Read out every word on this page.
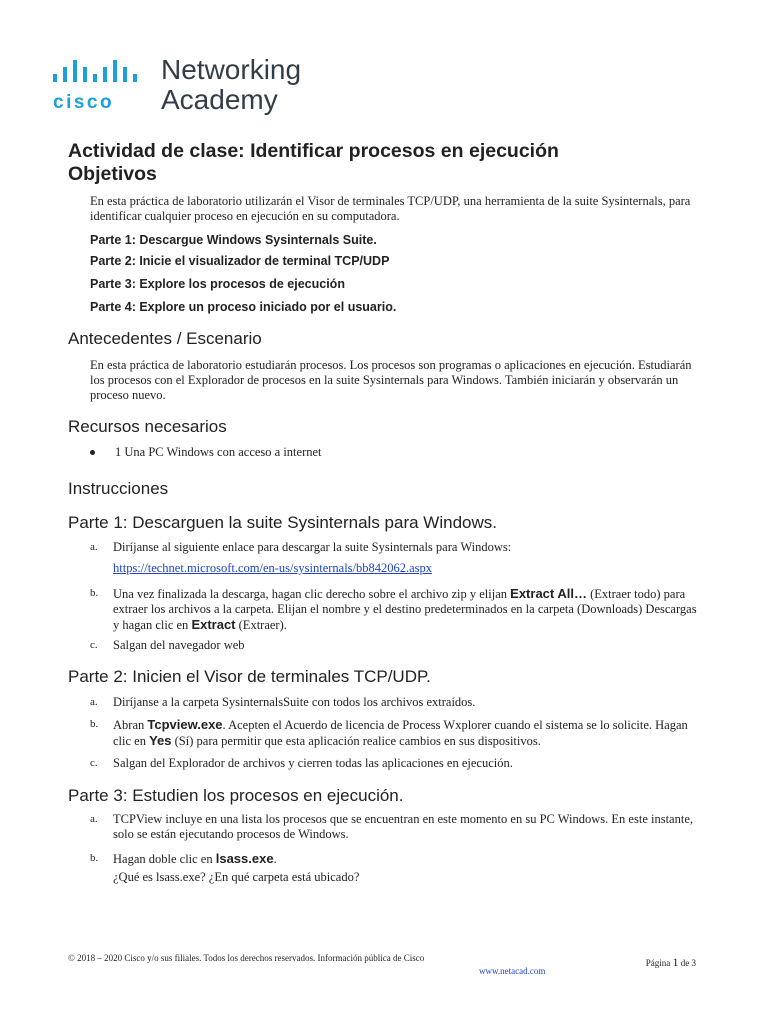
cisco
Networking
Academy
Actividad de clase: Identificar procesos en ejecución
Objetivos
En esta práctica de laboratorio utilizarán el Visor de terminales TCP/UDP, una herramienta de la suite Sysinternals, para identificar cualquier proceso en ejecución en su computadora.
Parte 1: Descargue Windows Sysinternals Suite.
Parte 2: Inicie el visualizador de terminal TCP/UDP
Parte 3: Explore los procesos de ejecución
Parte 4: Explore un proceso iniciado por el usuario.
Antecedentes / Escenario
En esta práctica de laboratorio estudiarán procesos. Los procesos son programas o aplicaciones en ejecución. Estudiarán los procesos con el Explorador de procesos en la suite Sysinternals para Windows. También iniciarán y observarán un proceso nuevo.
Recursos necesarios
1 Una PC Windows con acceso a internet
Instrucciones
Parte 1: Descarguen la suite Sysinternals para Windows.
a. Diríjanse al siguiente enlace para descargar la suite Sysinternals para Windows:
https://technet.microsoft.com/en-us/sysinternals/bb842062.aspx
b. Una vez finalizada la descarga, hagan clic derecho sobre el archivo zip y elijan Extract All… (Extraer todo) para extraer los archivos a la carpeta. Elijan el nombre y el destino predeterminados en la carpeta (Downloads) Descargas y hagan clic en Extract (Extraer).
c. Salgan del navegador web
Parte 2: Inicien el Visor de terminales TCP/UDP.
a. Diríjanse a la carpeta SysinternalsSuite con todos los archivos extraídos.
b. Abran Tcpview.exe. Acepten el Acuerdo de licencia de Process Wxplorer cuando el sistema se lo solicite. Hagan clic en Yes (Sí) para permitir que esta aplicación realice cambios en sus dispositivos.
c. Salgan del Explorador de archivos y cierren todas las aplicaciones en ejecución.
Parte 3: Estudien los procesos en ejecución.
a. TCPView incluye en una lista los procesos que se encuentran en este momento en su PC Windows. En este instante, solo se están ejecutando procesos de Windows.
b. Hagan doble clic en lsass.exe.
¿Qué es lsass.exe? ¿En qué carpeta está ubicado?
© 2018 – 2020 Cisco y/o sus filiales. Todos los derechos reservados. Información pública de Cisco
www.netacad.com
Página 1 de 3
